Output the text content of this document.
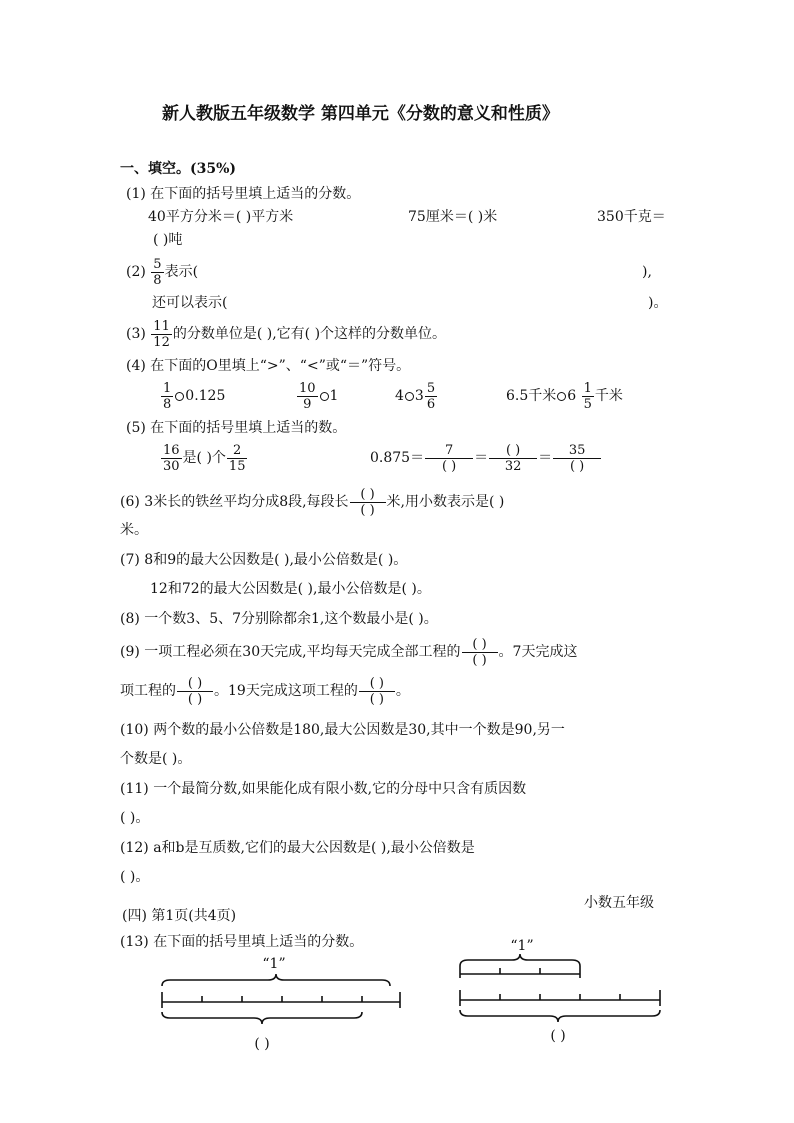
新人教版五年级数学 第四单元《分数的意义和性质》
一、填空。(35%)
(1) 在下面的括号里填上适当的分数。
40平方分米＝( )平方米	75厘米＝( )米	350千克＝
( )吨
$(2) \frac{5}{8}$ 表示(	),
还可以表示(	)。
$(3) \frac{11}{12}$ 的分数单位是( ),它有( )个这样的分数单位。
(4) 在下面的O里填上“>”、“<”或“＝”符号。
$\frac{1}{8} 0.125$	$\frac{10}{9} 1$	4 $3 \frac{5}{6}$	6.5千米 $6 \frac{1}{5}$ 千米
(5) 在下面的括号里填上适当的数。
$\frac{16}{30}$ 是( )个 $\frac{2}{15}$	$0.875= \frac{7}{( )} = \frac{( )}{32} = \frac{35}{( )}$
(6) 3米长的铁丝平均分成8段,每段长 $\frac{( )}{( )}$ 米,用小数表示是( )
米。
(7) 8和9的最大公因数是( ),最小公倍数是( )。
12和72的最大公因数是( ),最小公倍数是( )。
(8) 一个数3、5、7分别除都余1,这个数最小是( )。
(9) 一项工程必须在30天完成,平均每天完成全部工程的 $\frac{( )}{( )}$ 。7天完成这
项工程的 $\frac{( )}{( )}$ 。19天完成这项工程的 $\frac{( )}{( )}$ 。
(10) 两个数的最小公倍数是180,最大公因数是30,其中一个数是90,另一
个数是( )。
(11) 一个最简分数,如果能化成有限小数,它的分母中只含有质因数
( )。
(12) a和b是互质数,它们的最大公因数是( ),最小公倍数是
( )。
小数五年级
(四) 第1页(共4页)
(13) 在下面的括号里填上适当的分数。
“1”
( )
“1”
( )
